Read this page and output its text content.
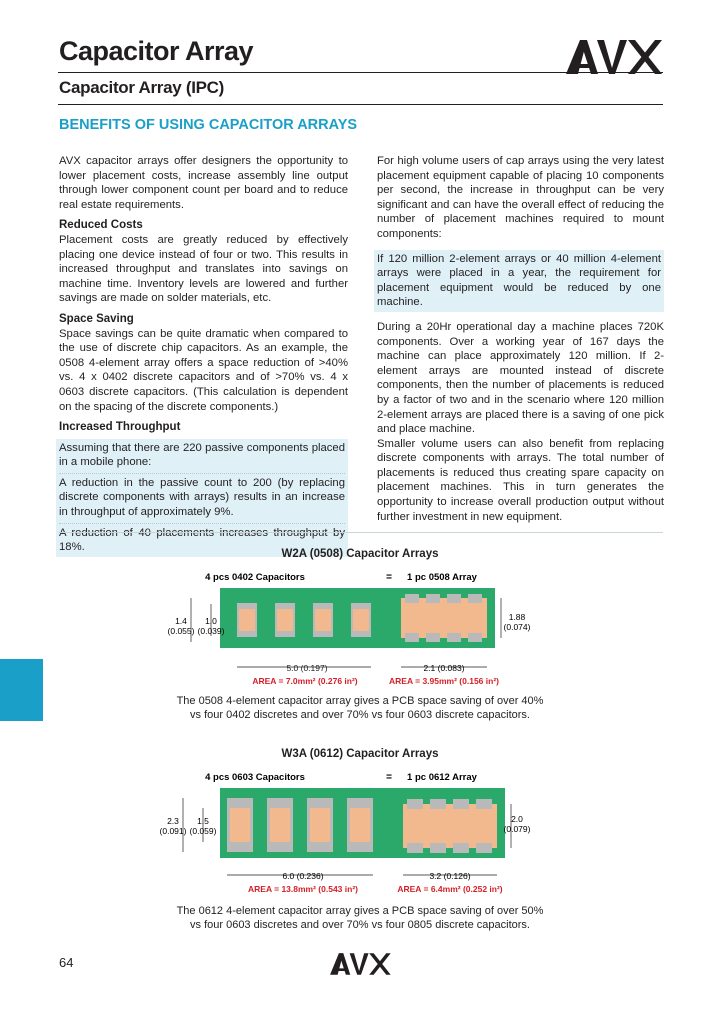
Capacitor Array
Capacitor Array (IPC)
BENEFITS OF USING CAPACITOR ARRAYS

AVX capacitor arrays offer designers the opportunity to lower placement costs, increase assembly line output through lower component count per board and to reduce real estate requirements.

Reduced Costs

Placement costs are greatly reduced by effectively placing one device instead of four or two. This results in increased throughput and translates into savings on machine time. Inventory levels are lowered and further savings are made on solder materials, etc.

Space Saving

Space savings can be quite dramatic when compared to the use of discrete chip capacitors. As an example, the 0508 4-element array offers a space reduction of >40% vs. 4 x 0402 discrete capacitors and of >70% vs. 4 x 0603 discrete capacitors. (This calculation is dependent on the spacing of the discrete components.)

Increased Throughput

Assuming that there are 220 passive components placed in a mobile phone:

A reduction in the passive count to 200 (by replacing discrete components with arrays) results in an increase in throughput of approximately 9%.

18%.

For high volume users of cap arrays using the very latest placement equipment capable of placing 10 components per second, the increase in throughput can be very significant and can have the overall effect of reducing the number of placement machines required to mount components:

If 120 million 2-element arrays or 40 million 4-element arrays were placed in a year, the requirement for placement equipment would be reduced by one machine.

During a 20Hr operational day a machine places 720K components. Over a working year of 167 days the machine can place approximately 120 million. If 2-element arrays are mounted instead of discrete components, then the number of placements is reduced by a factor of two and in the scenario where 120 million 2-element arrays are placed there is a saving of one pick and place machine.

Smaller volume users can also benefit from replacing discrete components with arrays. The total number of placements is reduced thus creating spare capacity on placement machines. This in turn generates the opportunity to increase overall production output without further investment in new equipment.

W2A (0508) Capacitor Arrays
4 pcs 0402 Capacitors	= 1 pc 0508 Array
1.4
(0.055)
1.0
(0.039)
1.88
(0.074)
5.0 (0.197)	2.1 (0.083)
AREA = 7.0mm² (0.276 in²)	AREA = 3.95mm² (0.156 in²)
The 0508 4-element capacitor array gives a PCB space saving of over 40%
vs four 0402 discretes and over 70% vs four 0603 discrete capacitors.
W3A (0612) Capacitor Arrays
4 pcs 0603 Capacitors	= 1 pc 0612 Array
2.3
(0.091)
1.5
(0.059)
2.0
(0.079)
6.0 (0.236)	3.2 (0.126)
AREA = 13.8mm² (0.543 in²)	AREA = 6.4mm² (0.252 in²)
The 0612 4-element capacitor array gives a PCB space saving of over 50%
vs four 0603 discretes and over 70% vs four 0805 discrete capacitors.
64
